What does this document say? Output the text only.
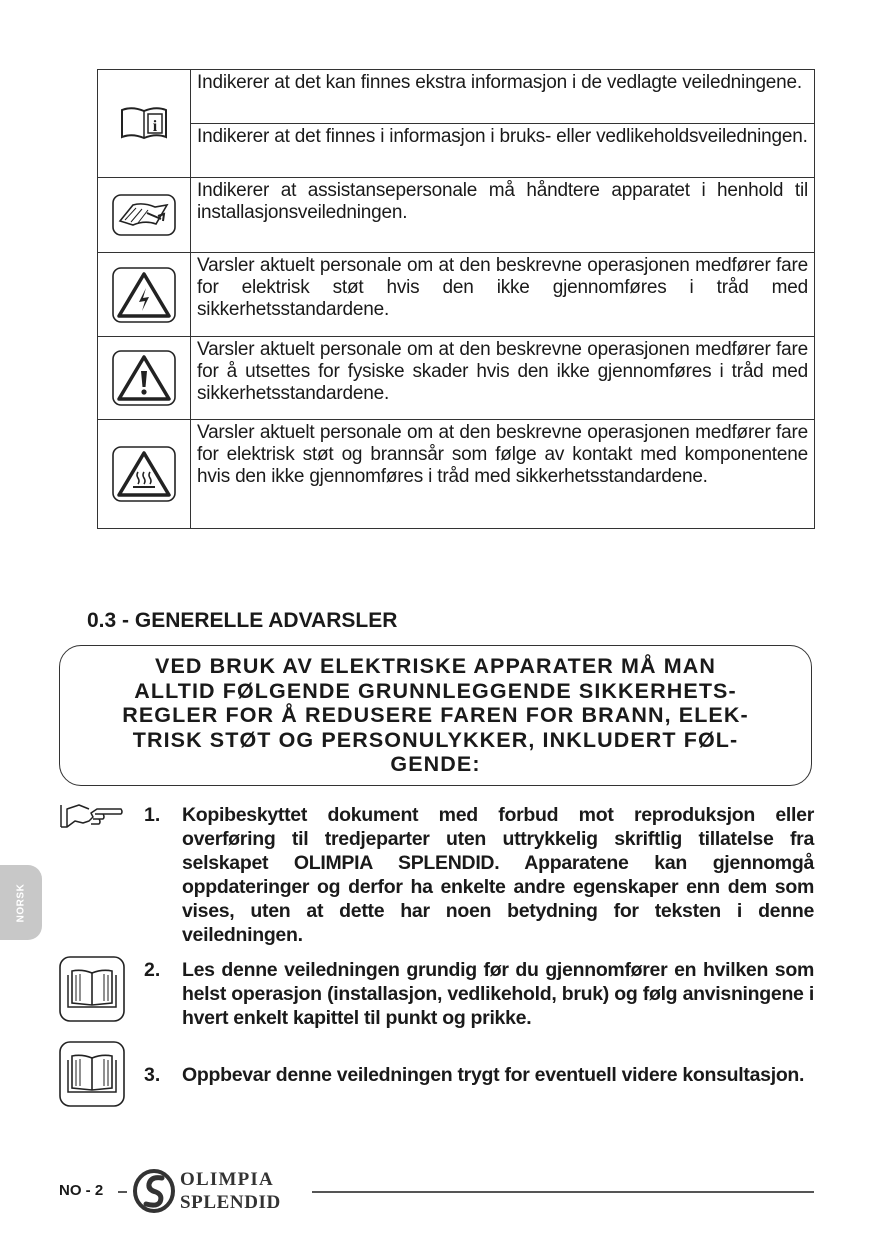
i	Indikerer at det kan finnes ekstra informasjon i de vedlagte veiledningene.
	Indikerer at det finnes i informasjon i bruks- eller vedlikeholdsveiledningen.

	Indikerer at assistansepersonale må håndtere apparatet i henhold til installasjonsveiledningen.

	Varsler aktuelt personale om at den beskrevne operasjonen medfører fare for elektrisk støt hvis den ikke gjennomføres i tråd med sikkerhetsstandardene.

	Varsler aktuelt personale om at den beskrevne operasjonen medfører fare for å utsettes for fysiske skader hvis den ikke gjennomføres i tråd med sikkerhetsstandardene.

	Varsler aktuelt personale om at den beskrevne operasjonen medfører fare for elektrisk støt og brannsår som følge av kontakt med komponentene hvis den ikke gjennomføres i tråd med sikkerhetsstandardene.
0.3 - GENERELLE ADVARSLER
VED BRUK AV ELEKTRISKE APPARATER MÅ MAN
ALLTID FØLGENDE GRUNNLEGGENDE SIKKERHETS-
REGLER FOR Å REDUSERE FAREN FOR BRANN, ELEK-
TRISK STØT OG PERSONULYKKER, INKLUDERT FØL-
GENDE:
1. Kopibeskyttet dokument med forbud mot reproduksjon eller overføring til tredjeparter uten uttrykkelig skriftlig tillatelse fra selskapet OLIMPIA SPLENDID. Apparatene kan gjennomgå oppdateringer og derfor ha enkelte andre egenskaper enn dem som vises, uten at dette har noen betydning for teksten i denne veiledningen.
2. Les denne veiledningen grundig før du gjennomfører en hvilken som helst operasjon (installasjon, vedlikehold, bruk) og følg anvisningene i hvert enkelt kapittel til punkt og prikke.
3. Oppbevar denne veiledningen trygt for eventuell videre konsultasjon.
NORSK
NO - 2
OLIMPIA
SPLENDID
